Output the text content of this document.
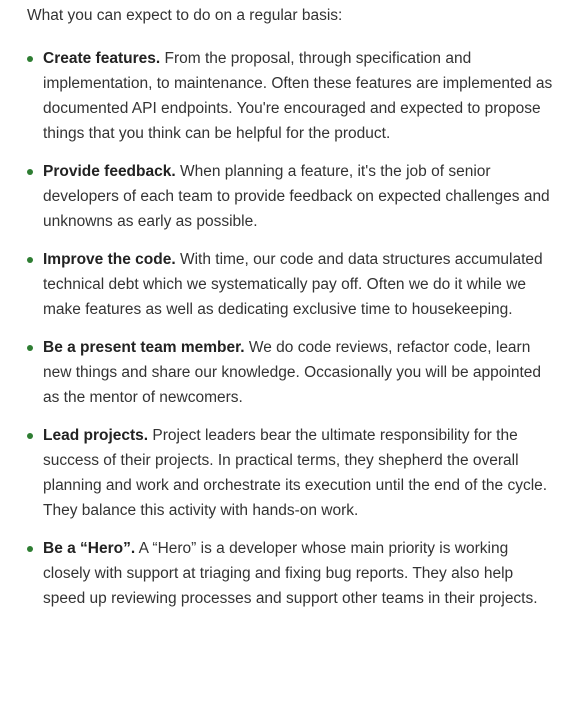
What you can expect to do on a regular basis:

Create features. From the proposal, through specification and implementation, to maintenance. Often these features are implemented as documented API endpoints. You're encouraged and expected to propose things that you think can be helpful for the product.
Provide feedback. When planning a feature, it's the job of senior developers of each team to provide feedback on expected challenges and unknowns as early as possible.
Improve the code. With time, our code and data structures accumulated technical debt which we systematically pay off. Often we do it while we make features as well as dedicating exclusive time to housekeeping.
Be a present team member. We do code reviews, refactor code, learn new things and share our knowledge. Occasionally you will be appointed as the mentor of newcomers.
Lead projects. Project leaders bear the ultimate responsibility for the success of their projects. In practical terms, they shepherd the overall planning and work and orchestrate its execution until the end of the cycle. They balance this activity with hands-on work.
Be a “Hero”. A “Hero” is a developer whose main priority is working closely with support at triaging and fixing bug reports. They also help speed up reviewing processes and support other teams in their projects.
